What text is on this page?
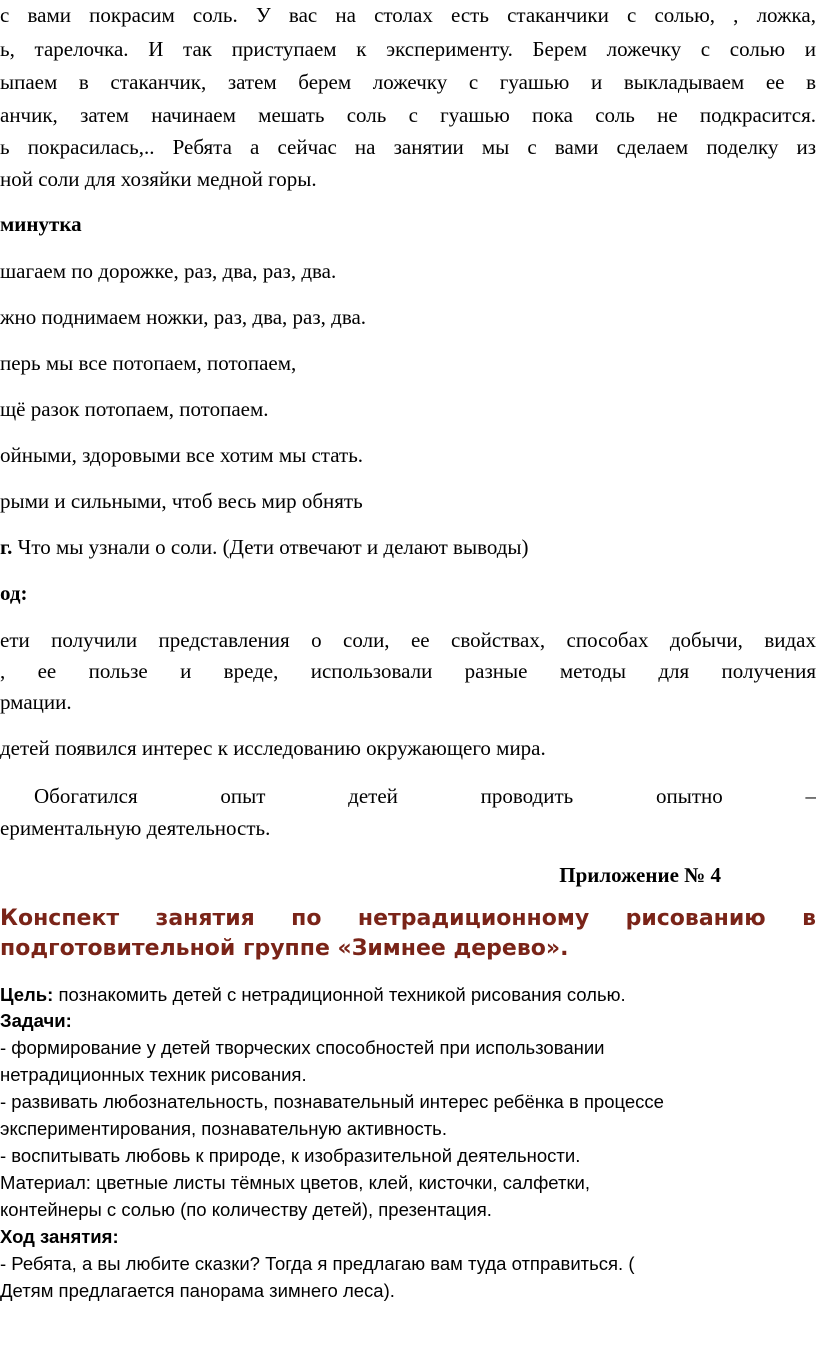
с вами покрасим соль. У вас на столах есть стаканчики с солью, , ложка,

ь, тарелочка. И так приступаем к эксперименту. Берем ложечку с солью и

ыпаем в стаканчик, затем берем ложечку с гуашью и выкладываем ее в

анчик, затем начинаем мешать соль с гуашью пока соль не подкрасится.

ь покрасилась,.. Ребята а сейчас на занятии мы с вами сделаем поделку из

ной соли для хозяйки медной горы.

минутка

шагаем по дорожке, раз, два, раз, два.

жно поднимаем ножки, раз, два, раз, два.

перь мы все потопаем, потопаем,

щё разок потопаем, потопаем.

ойными, здоровыми все хотим мы стать.

рыми и сильными, чтоб весь мир обнять

г. Что мы узнали о соли. (Дети отвечают и делают выводы)

од:

ети получили представления о соли, ее свойствах, способах добычи, видах

, ее пользе и вреде, использовали разные методы для получения

рмации.

детей появился интерес к исследованию окружающего мира.

Обогатился опыт детей проводить опытно –

ериментальную деятельность.

Приложение № 4

Конспект занятия по нетрадиционному рисованию в
подготовительной группе «Зимнее дерево».
Цель: познакомить детей с нетрадиционной техникой рисования солью.
Задачи:
- формирование у детей творческих способностей при использовании
нетрадиционных техник рисования.
- развивать любознательность, познавательный интерес ребёнка в процессе
экспериментирования, познавательную активность.
- воспитывать любовь к природе, к изобразительной деятельности.
Материал: цветные листы тёмных цветов, клей, кисточки, салфетки,
контейнеры с солью (по количеству детей), презентация.
Ход занятия:
- Ребята, а вы любите сказки? Тогда я предлагаю вам туда отправиться. (
Детям предлагается панорама зимнего леса).
